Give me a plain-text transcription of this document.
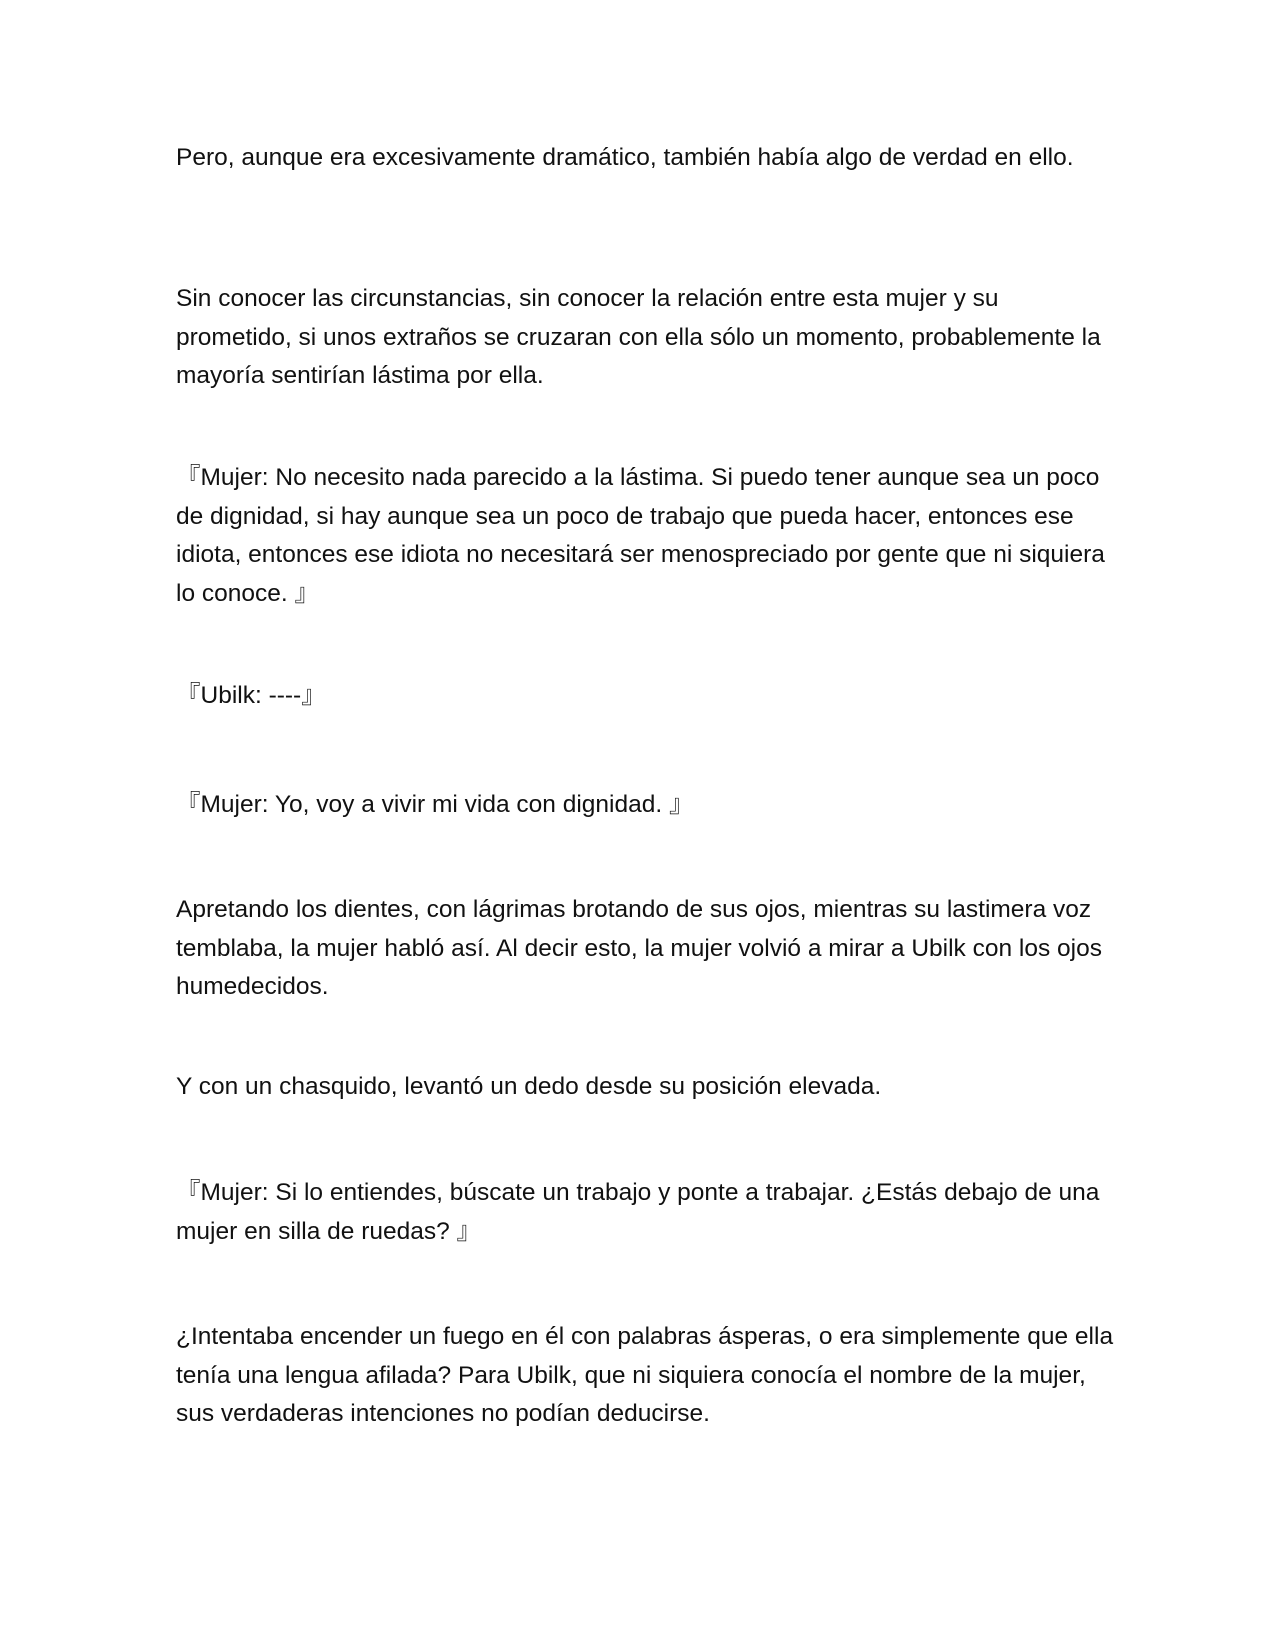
Pero, aunque era excesivamente dramático, también había algo de verdad en ello.

Sin conocer las circunstancias, sin conocer la relación entre esta mujer y su prometido, si unos extraños se cruzaran con ella sólo un momento, probablemente la mayoría sentirían lástima por ella.

『Mujer: No necesito nada parecido a la lástima. Si puedo tener aunque sea un poco de dignidad, si hay aunque sea un poco de trabajo que pueda hacer, entonces ese idiota, entonces ese idiota no necesitará ser menospreciado por gente que ni siquiera lo conoce. 』

『Ubilk: ----』

『Mujer: Yo, voy a vivir mi vida con dignidad. 』

Apretando los dientes, con lágrimas brotando de sus ojos, mientras su lastimera voz temblaba, la mujer habló así. Al decir esto, la mujer volvió a mirar a Ubilk con los ojos humedecidos.

Y con un chasquido, levantó un dedo desde su posición elevada.

『Mujer: Si lo entiendes, búscate un trabajo y ponte a trabajar. ¿Estás debajo de una mujer en silla de ruedas? 』

¿Intentaba encender un fuego en él con palabras ásperas, o era simplemente que ella tenía una lengua afilada? Para Ubilk, que ni siquiera conocía el nombre de la mujer, sus verdaderas intenciones no podían deducirse.
